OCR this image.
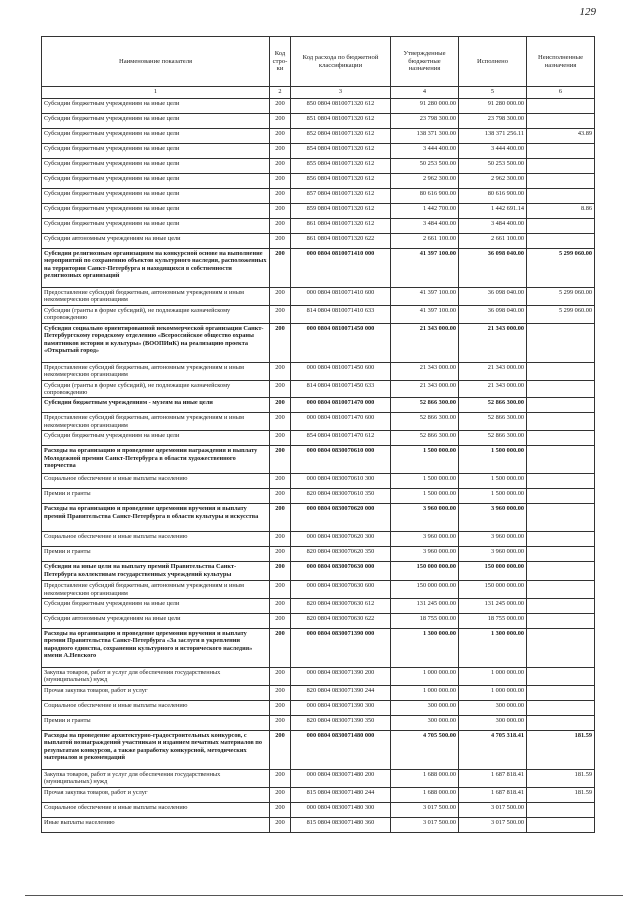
129
Наименование показателя	Код стро- ки	Код расхода по бюджетной классификации	Утвержденные бюджетные назначения	Исполнено	Неисполненные назначения
1	2	3	4	5	6
Субсидии бюджетным учреждениям на иные цели	200	850 0804 0810071320 612	91 280 000.00	91 280 000.00	
Субсидии бюджетным учреждениям на иные цели	200	851 0804 0810071320 612	23 798 300.00	23 798 300.00	
Субсидии бюджетным учреждениям на иные цели	200	852 0804 0810071320 612	138 371 300.00	138 371 256.11	43.89
Субсидии бюджетным учреждениям на иные цели	200	854 0804 0810071320 612	3 444 400.00	3 444 400.00	
Субсидии бюджетным учреждениям на иные цели	200	855 0804 0810071320 612	50 253 500.00	50 253 500.00	
Субсидии бюджетным учреждениям на иные цели	200	856 0804 0810071320 612	2 962 300.00	2 962 300.00	
Субсидии бюджетным учреждениям на иные цели	200	857 0804 0810071320 612	80 616 900.00	80 616 900.00	
Субсидии бюджетным учреждениям на иные цели	200	859 0804 0810071320 612	1 442 700.00	1 442 691.14	8.86
Субсидии бюджетным учреждениям на иные цели	200	861 0804 0810071320 612	3 484 400.00	3 484 400.00	
Субсидии автономным учреждениям на иные цели	200	861 0804 0810071320 622	2 661 100.00	2 661 100.00	
Субсидии религиозным организациям на конкурсной основе на выполнение мероприятий по сохранению объектов культурного наследия, расположенных на территории Санкт-Петербурга и находящихся в собственности религиозных организаций	200	000 0804 0810071410 000	41 397 100.00	36 098 040.00	5 299 060.00
Предоставление субсидий бюджетным, автономным учреждениям и иным некоммерческим организациям	200	000 0804 0810071410 600	41 397 100.00	36 098 040.00	5 299 060.00
Субсидии (гранты в форме субсидий), не подлежащие казначейскому сопровождению	200	814 0804 0810071410 633	41 397 100.00	36 098 040.00	5 299 060.00
Субсидия социально ориентированной некоммерческой организации Санкт-Петербургскому городскому отделению «Всероссийское общество охраны памятников истории и культуры» (ВООПИиК) на реализацию проекта «Открытый город»	200	000 0804 0810071450 000	21 343 000.00	21 343 000.00	
Предоставление субсидий бюджетным, автономным учреждениям и иным некоммерческим организациям	200	000 0804 0810071450 600	21 343 000.00	21 343 000.00	
Субсидии (гранты в форме субсидий), не подлежащие казначейскому сопровождению	200	814 0804 0810071450 633	21 343 000.00	21 343 000.00	
Субсидии бюджетным учреждениям - музеям на иные цели	200	000 0804 0810071470 000	52 866 300.00	52 866 300.00	
Предоставление субсидий бюджетным, автономным учреждениям и иным некоммерческим организациям	200	000 0804 0810071470 600	52 866 300.00	52 866 300.00	
Субсидии бюджетным учреждениям на иные цели	200	854 0804 0810071470 612	52 866 300.00	52 866 300.00	
Расходы на организацию и проведение церемонии награждения и выплату Молодежной премии Санкт-Петербурга в области художественного творчества	200	000 0804 0830070610 000	1 500 000.00	1 500 000.00	
Социальное обеспечение и иные выплаты населению	200	000 0804 0830070610 300	1 500 000.00	1 500 000.00	
Премии и гранты	200	820 0804 0830070610 350	1 500 000.00	1 500 000.00	
Расходы на организацию и проведение церемонии вручения и выплату премий Правительства Санкт-Петербурга в области культуры и искусства	200	000 0804 0830070620 000	3 960 000.00	3 960 000.00	
Социальное обеспечение и иные выплаты населению	200	000 0804 0830070620 300	3 960 000.00	3 960 000.00	
Премии и гранты	200	820 0804 0830070620 350	3 960 000.00	3 960 000.00	
Субсидии на иные цели на выплату премий Правительства Санкт-Петербурга коллективам государственных учреждений культуры	200	000 0804 0830070630 000	150 000 000.00	150 000 000.00	
Предоставление субсидий бюджетным, автономным учреждениям и иным некоммерческим организациям	200	000 0804 0830070630 600	150 000 000.00	150 000 000.00	
Субсидии бюджетным учреждениям на иные цели	200	820 0804 0830070630 612	131 245 000.00	131 245 000.00	
Субсидии автономным учреждениям на иные цели	200	820 0804 0830070630 622	18 755 000.00	18 755 000.00	
Расходы на организацию и проведение церемонии вручения и выплату премии Правительства Санкт-Петербурга «За заслуги в укреплении народного единства, сохранении культурного и исторического наследия» имени А.Невского	200	000 0804 0830071390 000	1 300 000.00	1 300 000.00	
Закупка товаров, работ и услуг для обеспечения государственных (муниципальных) нужд	200	000 0804 0830071390 200	1 000 000.00	1 000 000.00	
Прочая закупка товаров, работ и услуг	200	820 0804 0830071390 244	1 000 000.00	1 000 000.00	
Социальное обеспечение и иные выплаты населению	200	000 0804 0830071390 300	300 000.00	300 000.00	
Премии и гранты	200	820 0804 0830071390 350	300 000.00	300 000.00	
Расходы на проведение архитектурно-градостроительных конкурсов, с выплатой вознаграждений участникам и изданием печатных материалов по результатам конкурсов, а также разработку конкурсной, методических материалов и рекомендаций	200	000 0804 0830071480 000	4 705 500.00	4 705 318.41	181.59
Закупка товаров, работ и услуг для обеспечения государственных (муниципальных) нужд	200	000 0804 0830071480 200	1 688 000.00	1 687 818.41	181.59
Прочая закупка товаров, работ и услуг	200	815 0804 0830071480 244	1 688 000.00	1 687 818.41	181.59
Социальное обеспечение и иные выплаты населению	200	000 0804 0830071480 300	3 017 500.00	3 017 500.00	
Иные выплаты населению	200	815 0804 0830071480 360	3 017 500.00	3 017 500.00	
